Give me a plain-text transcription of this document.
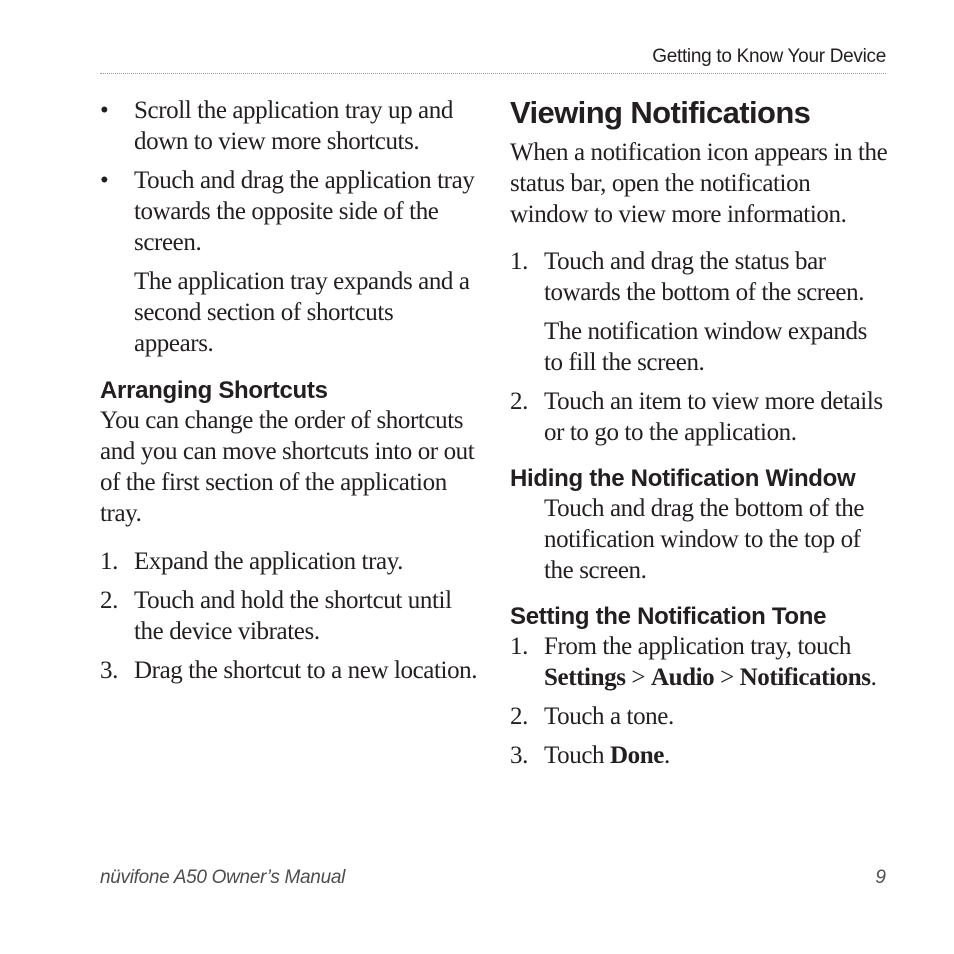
Getting to Know Your Device
•	Scroll the application tray up and down to view more shortcuts.
•	Touch and drag the application tray towards the opposite side of the screen.

The application tray expands and a second section of shortcuts appears.

Arranging Shortcuts

You can change the order of shortcuts and you can move shortcuts into or out of the first section of the application tray.

1. Expand the application tray.
2. Touch and hold the shortcut until the device vibrates.
3. Drag the shortcut to a new location.
Viewing Notifications

When a notification icon appears in the status bar, open the notification window to view more information.

1. Touch and drag the status bar towards the bottom of the screen.

The notification window expands to fill the screen.

2. Touch an item to view more details or to go to the application.
Hiding the Notification Window

Touch and drag the bottom of the notification window to the top of the screen.

Setting the Notification Tone
1. From the application tray, touch Settings > Audio > Notifications.
2. Touch a tone.
3. Touch Done.
nüvifone A50 Owner’s Manual	9
